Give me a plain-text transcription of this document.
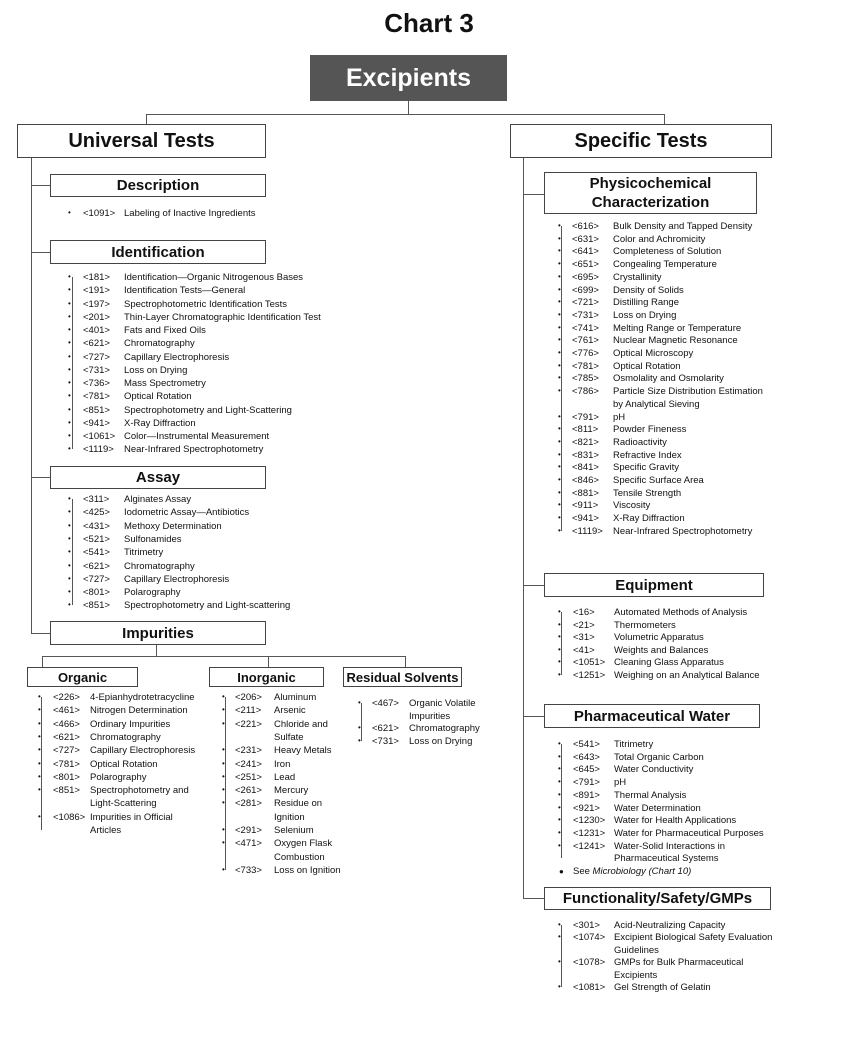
Chart 3
Excipients
Universal Tests
Description
• <1091> Labeling of Inactive Ingredients
Identification
• <181> Identification—Organic Nitrogenous Bases
• <191> Identification Tests—General
• <197> Spectrophotometric Identification Tests
• <201> Thin-Layer Chromatographic Identification Test
• <401> Fats and Fixed Oils
• <621> Chromatography
• <727> Capillary Electrophoresis
• <731> Loss on Drying
• <736> Mass Spectrometry
• <781> Optical Rotation
• <851> Spectrophotometry and Light-Scattering
• <941> X-Ray Diffraction
• <1061> Color—Instrumental Measurement
• <1119> Near-Infrared Spectrophotometry
Assay
• <311> Alginates Assay
• <425> Iodometric Assay—Antibiotics
• <431> Methoxy Determination
• <521> Sulfonamides
• <541> Titrimetry
• <621> Chromatography
• <727> Capillary Electrophoresis
• <801> Polarography
• <851> Spectrophotometry and Light-scattering
Impurities
Organic
• <226> 4-Epianhydrotetracycline
• <461> Nitrogen Determination
• <466> Ordinary Impurities
• <621> Chromatography
• <727> Capillary Electrophoresis
• <781> Optical Rotation
• <801> Polarography
• <851> Spectrophotometry and
Light-Scattering
• <1086> Impurities in Official
Articles
Inorganic
• <206> Aluminum
• <211> Arsenic
• <221> Chloride and
Sulfate
• <231> Heavy Metals
• <241> Iron
• <251> Lead
• <261> Mercury
• <281> Residue on
Ignition
• <291> Selenium
• <471> Oxygen Flask
Combustion
• <733> Loss on Ignition
Residual Solvents
• <467> Organic Volatile
Impurities
• <621> Chromatography
• <731> Loss on Drying
Specific Tests
Physicochemical
Characterization
• <616> Bulk Density and Tapped Density
• <631> Color and Achromicity
• <641> Completeness of Solution
• <651> Congealing Temperature
• <695> Crystallinity
• <699> Density of Solids
• <721> Distilling Range
• <731> Loss on Drying
• <741> Melting Range or Temperature
• <761> Nuclear Magnetic Resonance
• <776> Optical Microscopy
• <781> Optical Rotation
• <785> Osmolality and Osmolarity
• <786> Particle Size Distribution Estimation
by Analytical Sieving
• <791> pH
• <811> Powder Fineness
• <821> Radioactivity
• <831> Refractive Index
• <841> Specific Gravity
• <846> Specific Surface Area
• <881> Tensile Strength
• <911> Viscosity
• <941> X-Ray Diffraction
• <1119> Near-Infrared Spectrophotometry
Equipment
• <16> Automated Methods of Analysis
• <21> Thermometers
• <31> Volumetric Apparatus
• <41> Weights and Balances
• <1051> Cleaning Glass Apparatus
• <1251> Weighing on an Analytical Balance
Pharmaceutical Water
• <541> Titrimetry
• <643> Total Organic Carbon
• <645> Water Conductivity
• <791> pH
• <891> Thermal Analysis
• <921> Water Determination
• <1230> Water for Health Applications
• <1231> Water for Pharmaceutical Purposes
• <1241> Water-Solid Interactions in
Pharmaceutical Systems
See Microbiology (Chart 10)
●
Functionality/Safety/GMPs
• <301> Acid-Neutralizing Capacity
• <1074> Excipient Biological Safety Evaluation
Guidelines
• <1078> GMPs for Bulk Pharmaceutical
Excipients
• <1081> Gel Strength of Gelatin
